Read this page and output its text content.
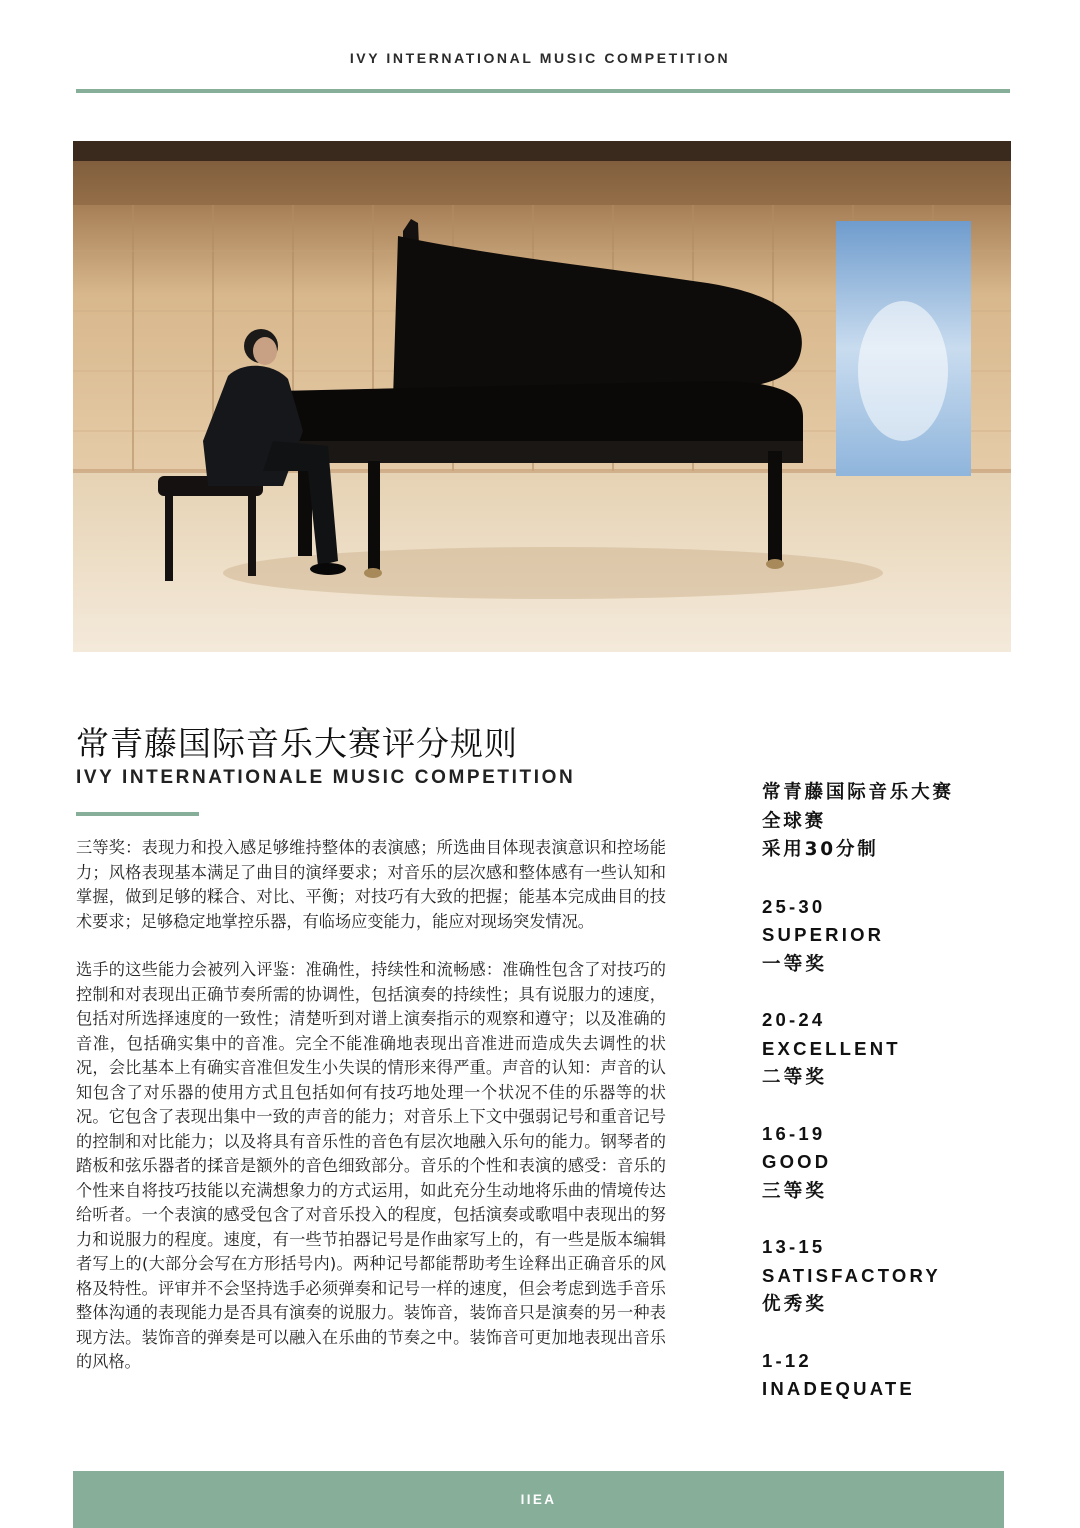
IVY INTERNATIONAL MUSIC COMPETITION
常青藤国际音乐大赛评分规则
IVY INTERNATIONALE MUSIC COMPETITION

三等奖：表现力和投入感足够维持整体的表演感；所选曲目体现表演意识和控场能力；风格表现基本满足了曲目的演绎要求；对音乐的层次感和整体感有一些认知和掌握，做到足够的糅合、对比、平衡；对技巧有大致的把握；能基本完成曲目的技术要求；足够稳定地掌控乐器，有临场应变能力，能应对现场突发情况。

选手的这些能力会被列入评鉴：准确性，持续性和流畅感：准确性包含了对技巧的控制和对表现出正确节奏所需的协调性，包括演奏的持续性；具有说服力的速度，包括对所选择速度的一致性；清楚听到对谱上演奏指示的观察和遵守；以及准确的音准，包括确实集中的音准。完全不能准确地表现出音准进而造成失去调性的状况，会比基本上有确实音准但发生小失误的情形来得严重。声音的认知：声音的认知包含了对乐器的使用方式且包括如何有技巧地处理一个状况不佳的乐器等的状况。它包含了表现出集中一致的声音的能力；对音乐上下文中强弱记号和重音记号的控制和对比能力；以及将具有音乐性的音色有层次地融入乐句的能力。钢琴者的踏板和弦乐器者的揉音是额外的音色细致部分。音乐的个性和表演的感受：音乐的个性来自将技巧技能以充满想象力的方式运用，如此充分生动地将乐曲的情境传达给听者。一个表演的感受包含了对音乐投入的程度，包括演奏或歌唱中表现出的努力和说服力的程度。速度，有一些节拍器记号是作曲家写上的，有一些是版本编辑者写上的(大部分会写在方形括号内)。两种记号都能帮助考生诠释出正确音乐的风格及特性。评审并不会坚持选手必须弹奏和记号一样的速度，但会考虑到选手音乐整体沟通的表现能力是否具有演奏的说服力。装饰音，装饰音只是演奏的另一种表现方法。装饰音的弹奏是可以融入在乐曲的节奏之中。装饰音可更加地表现出音乐的风格。

常青藤国际音乐大赛

全球赛

采用30分制

25-30
SUPERIOR
一等奖
20-24
EXCELLENT
二等奖
16-19
GOOD
三等奖
13-15
SATISFACTORY
优秀奖
1-12
INADEQUATE
IIEA
